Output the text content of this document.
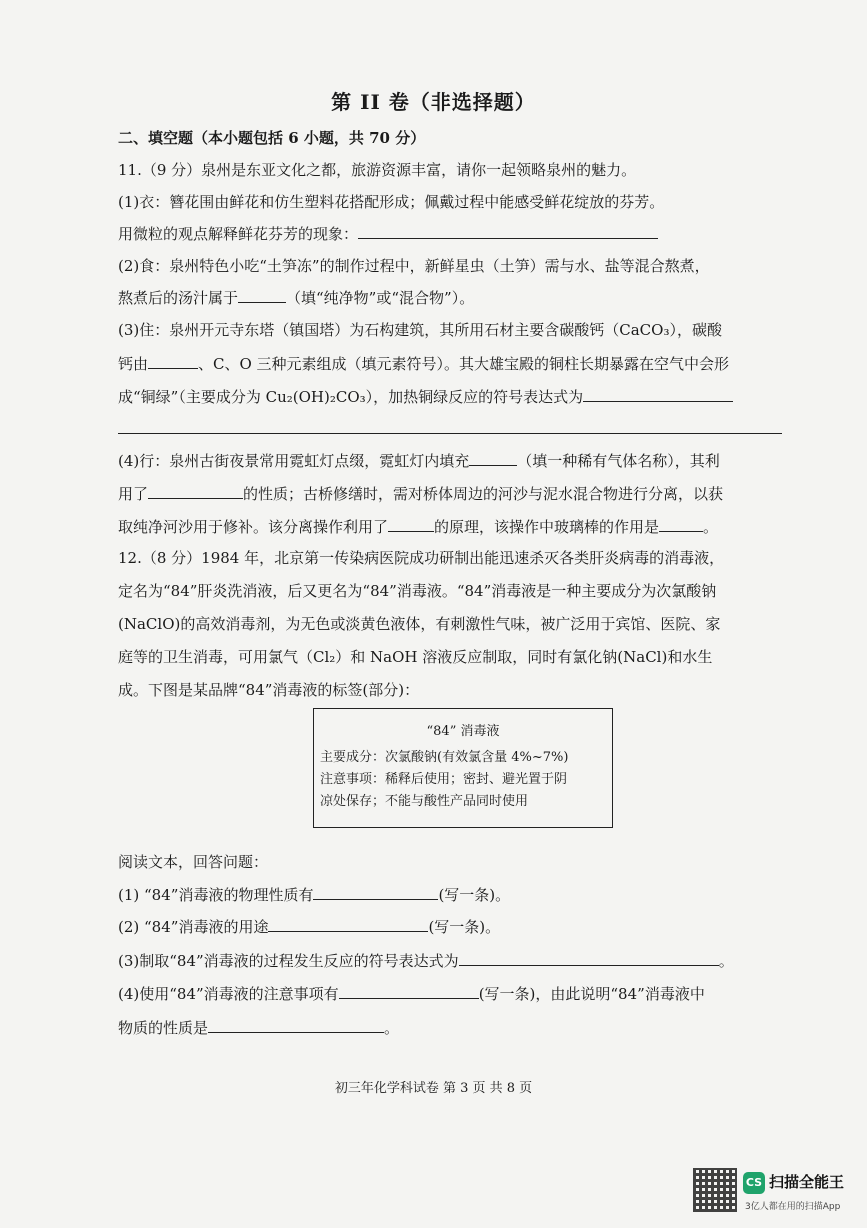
第 II 卷（非选择题）
二、填空题（本小题包括 6 小题，共 70 分）
11.（9 分）泉州是东亚文化之都，旅游资源丰富，请你一起领略泉州的魅力。
(1)衣：簪花围由鲜花和仿生塑料花搭配形成；佩戴过程中能感受鲜花绽放的芬芳。
用微粒的观点解释鲜花芬芳的现象：
(2)食：泉州特色小吃“土笋冻”的制作过程中，新鲜星虫（土笋）需与水、盐等混合熬煮，
熬煮后的汤汁属于	（填“纯净物”或“混合物”）。
(3)住：泉州开元寺东塔（镇国塔）为石构建筑，其所用石材主要含碳酸钙（CaCO₃），碳酸
钙由	、C、O 三种元素组成（填元素符号）。其大雄宝殿的铜柱长期暴露在空气中会形
成“铜绿”（主要成分为 Cu₂(OH)₂CO₃），加热铜绿反应的符号表达式为
(4)行：泉州古街夜景常用霓虹灯点缀，霓虹灯内填充	（填一种稀有气体名称），其利
用了	的性质；古桥修缮时，需对桥体周边的河沙与泥水混合物进行分离，以获
取纯净河沙用于修补。该分离操作利用了	的原理，该操作中玻璃棒的作用是	。
12.（8 分）1984 年，北京第一传染病医院成功研制出能迅速杀灭各类肝炎病毒的消毒液，
定名为“84”肝炎洗消液，后又更名为“84”消毒液。“84”消毒液是一种主要成分为次氯酸钠
(NaClO)的高效消毒剂，为无色或淡黄色液体，有刺激性气味，被广泛用于宾馆、医院、家
庭等的卫生消毒，可用氯气（Cl₂）和 NaOH 溶液反应制取，同时有氯化钠(NaCl)和水生
成。下图是某品牌“84”消毒液的标签(部分)：
“84” 消毒液
主要成分：次氯酸钠(有效氯含量 4%~7%)
注意事项：稀释后使用；密封、避光置于阴
凉处保存；不能与酸性产品同时使用
阅读文本，回答问题：
(1) “84”消毒液的物理性质有	(写一条)。
(2) “84”消毒液的用途	(写一条)。
(3)制取“84”消毒液的过程发生反应的符号表达式为	。
(4)使用“84”消毒液的注意事项有	(写一条)，由此说明“84”消毒液中
物质的性质是	。
初三年化学科试卷 第 3 页 共 8 页
CS 扫描全能王
3亿人都在用的扫描App
